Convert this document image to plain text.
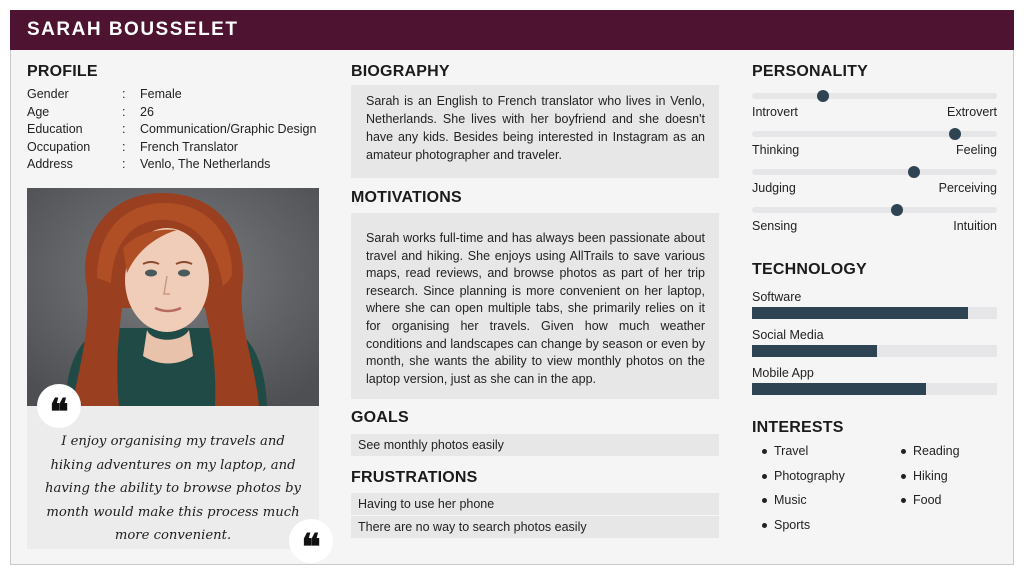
SARAH BOUSSELET
PROFILE
Gender	: Female
Age	: 26
Education	: Communication/Graphic Design
Occupation	: French Translator
Address	: Venlo, The Netherlands
❝
I enjoy organising my travels and hiking adventures on my laptop, and having the ability to browse photos by month would make this process much more convenient.	❝
BIOGRAPHY
Sarah is an English to French translator who lives in Venlo, Netherlands. She lives with her boyfriend and she doesn't have any kids. Besides being interested in Instagram as an amateur photographer and traveler.
MOTIVATIONS
Sarah works full-time and has always been passionate about travel and hiking. She enjoys using AllTrails to save various maps, read reviews, and browse photos as part of her trip research. Since planning is more convenient on her laptop, where she can open multiple tabs, she primarily relies on it for organising her travels. Given how much weather conditions and landscapes can change by season or even by month, she wants the ability to view monthly photos on the laptop version, just as she can in the app.
GOALS
See monthly photos easily
FRUSTRATIONS
Having to use her phone
There are no way to search photos easily
PERSONALITY
Introvert	Extrovert
Thinking	Feeling
Judging	Perceiving
Sensing	Intuition
TECHNOLOGY
Software
Social Media
Mobile App
INTERESTS
Travel
Photography
Music
Sports
Reading
Hiking
Food
